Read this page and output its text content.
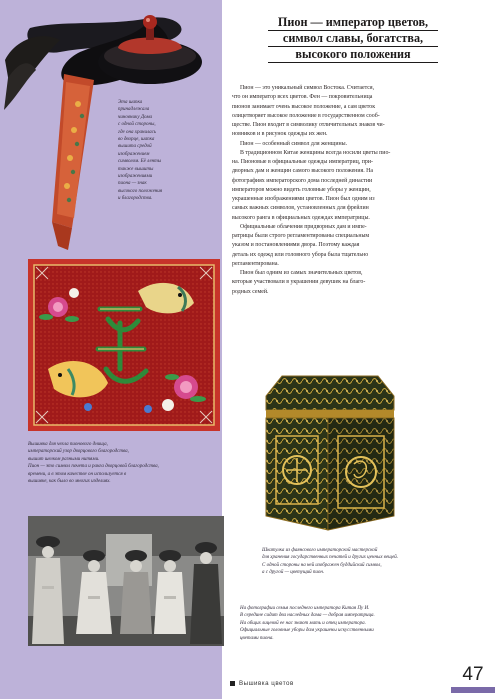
Эта шапка
принадлежала
чиновнику Дома
с одной стороны,
где она хранилась
во дворце, шапка
вышита средой
изображением
символом. Её ленты
также вышиты
изображениями
пиона — знак
высокого положения
и благородства.
Вышивка для чехла пионового днища,
императорский узор дворцового благородства,
вышит шелком разными нитями.
Пион — это символ почета и ранга дворцовой благородства,
времени, а в этом качестве он используется в
вышивке, как было во многих изделиях.
Пион — император цветов,
символ славы, богатства,
высокого положения

Пион — это уникальный символ Востока. Считается,
что он император всех цветов. Фен — покровительница
пионов занимает очень высокое положение, а сам цветок
олицетворяет высокое положение в государственном сооб-
ществе. Пион входит в символику отличительных знаков чи-
новников и в рисунок одежды их жен.

Пион — особенный символ для женщины.

В традиционном Китае женщины всегда носили цветы пио-
на. Пионовые в официальные одежды императриц, при-
дворных дам и женщин самого высокого положения. На
фотографиях императорского дома последней династии
императоров можно видеть головные уборы у женщин,
украшенные изображениями цветов. Пион был одним из
самых важных символов, установленных для фрейлин
высокого ранга в официальных одеждах императрицы.

Официальные облачения придворных дам и импе-
ратрицы были строго регламентированы специальным
указом и постановлениями двора. Поэтому каждая
деталь их одежд или головного убора была тщательно
регламентирована.

Пион был одним из самых значительных цветов,
которые участвовали в украшении девушек на благо-
родных семей.

Шкатулка из фаянсового императорской мастерской
для хранения государственных печатей и других ценных вещей.
С одной стороны на ней изображен буддийский символ,
а с другой — цветущий пион.
На фотографии семья последнего императора Китая Пу И.
В середине сидит два наследных дама — добрая императрица.
На общих лицевой ее нас знают мать и отец императора.
Официальные головные уборы дам украшены искусственными
цветами пиона.
Вышивка цветов	47
